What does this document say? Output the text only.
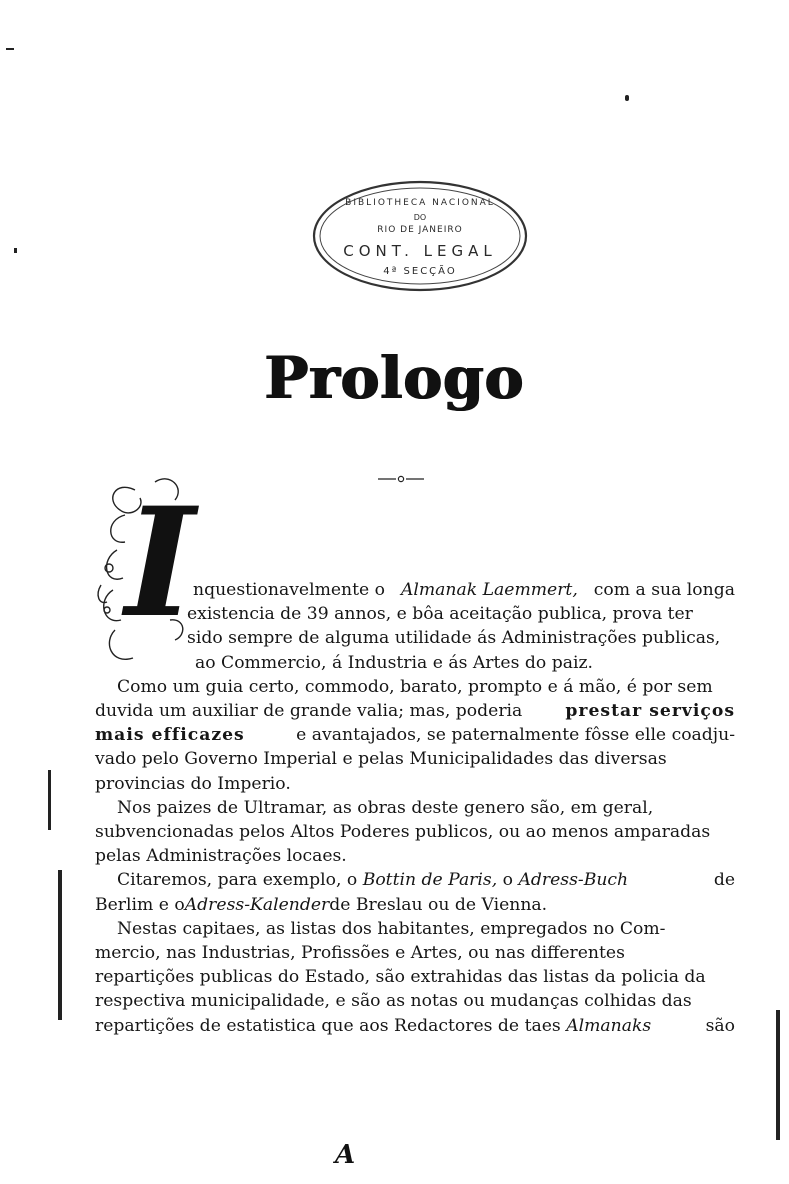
BIBLIOTHECA NACIONAL
DO
RIO DE JANEIRO
CONT. LEGAL
4ª SECÇÃO
Prologo
I
nquestionavelmente o Almanak Laemmert, com a sua longa
existencia de 39 annos, e bôa aceitação publica, prova ter
sido sempre de alguma utilidade ás Administrações publicas,
ao Commercio, á Industria e ás Artes do paiz.
Como um guia certo, commodo, barato, prompto e á mão, é por sem
duvida um auxiliar de grande valia; mas, poderia	prestar serviços
mais efficazes	e avantajados, se paternalmente fôsse elle coadju-
vado pelo Governo Imperial e pelas Municipalidades das diversas
provincias do Imperio.
Nos paizes de Ultramar, as obras deste genero são, em geral,
subvencionadas pelos Altos Poderes publicos, ou ao menos amparadas
pelas Administrações locaes.
Citaremos, para exemplo, o Bottin de Paris, o Adress-Buch	de
Berlim e o Adress-Kalender de Breslau ou de Vienna.
Nestas capitaes, as listas dos habitantes, empregados no Com-
mercio, nas Industrias, Profissões e Artes, ou nas differentes
repartições publicas do Estado, são extrahidas das listas da policia da
respectiva municipalidade, e são as notas ou mudanças colhidas das
repartições de estatistica que aos Redactores de taes Almanaks	são
A
